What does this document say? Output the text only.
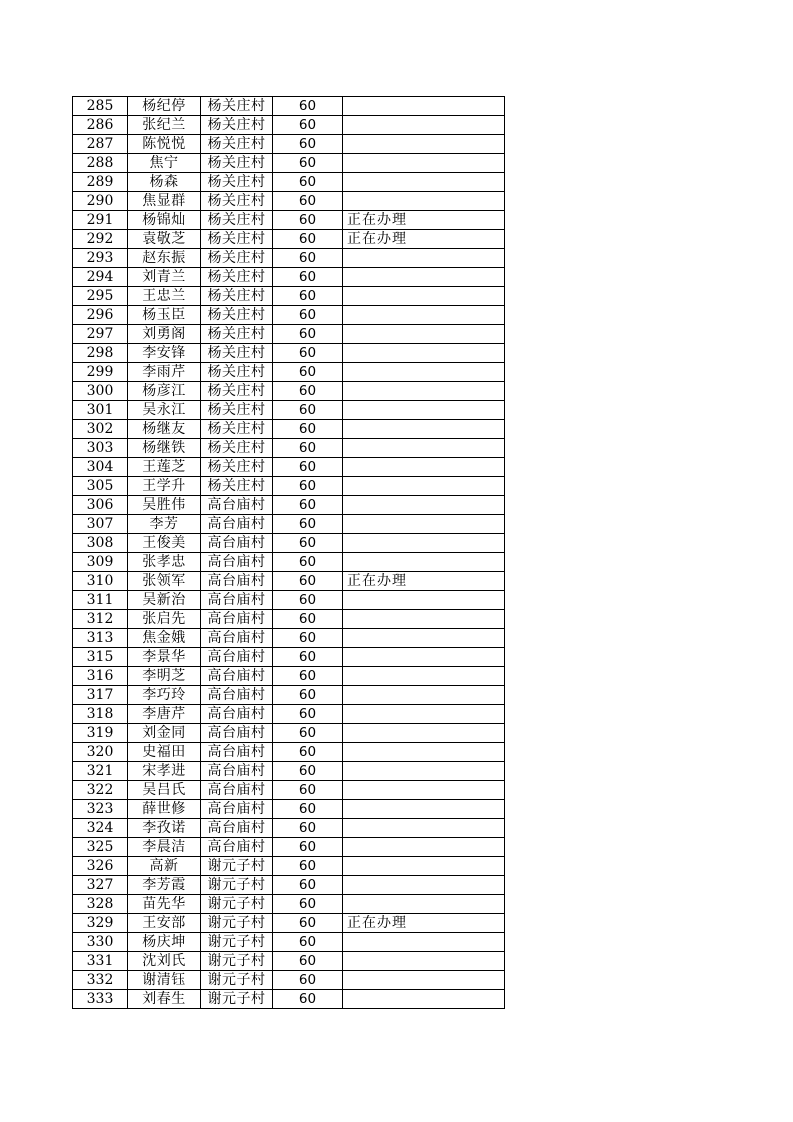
285	杨纪停	杨关庄村	60	
286	张纪兰	杨关庄村	60	
287	陈悦悦	杨关庄村	60	
288	焦宁	杨关庄村	60	
289	杨森	杨关庄村	60	
290	焦显群	杨关庄村	60	
291	杨锦灿	杨关庄村	60	正在办理
292	袁敬芝	杨关庄村	60	正在办理
293	赵东振	杨关庄村	60	
294	刘青兰	杨关庄村	60	
295	王忠兰	杨关庄村	60	
296	杨玉臣	杨关庄村	60	
297	刘勇阁	杨关庄村	60	
298	李安锋	杨关庄村	60	
299	李雨芹	杨关庄村	60	
300	杨彦江	杨关庄村	60	
301	吴永江	杨关庄村	60	
302	杨继友	杨关庄村	60	
303	杨继铁	杨关庄村	60	
304	王莲芝	杨关庄村	60	
305	王学升	杨关庄村	60	
306	吴胜伟	高台庙村	60	
307	李芳	高台庙村	60	
308	王俊美	高台庙村	60	
309	张孝忠	高台庙村	60	
310	张领军	高台庙村	60	正在办理
311	吴新治	高台庙村	60	
312	张启先	高台庙村	60	
313	焦金娥	高台庙村	60	
315	李景华	高台庙村	60	
316	李明芝	高台庙村	60	
317	李巧玲	高台庙村	60	
318	李唐芹	高台庙村	60	
319	刘金同	高台庙村	60	
320	史福田	高台庙村	60	
321	宋孝进	高台庙村	60	
322	吴吕氏	高台庙村	60	
323	薛世修	高台庙村	60	
324	李孜诺	高台庙村	60	
325	李晨洁	高台庙村	60	
326	高新	谢元子村	60	
327	李芳霞	谢元子村	60	
328	苗先华	谢元子村	60	
329	王安部	谢元子村	60	正在办理
330	杨庆坤	谢元子村	60	
331	沈刘氏	谢元子村	60	
332	谢清钰	谢元子村	60	
333	刘春生	谢元子村	60	
